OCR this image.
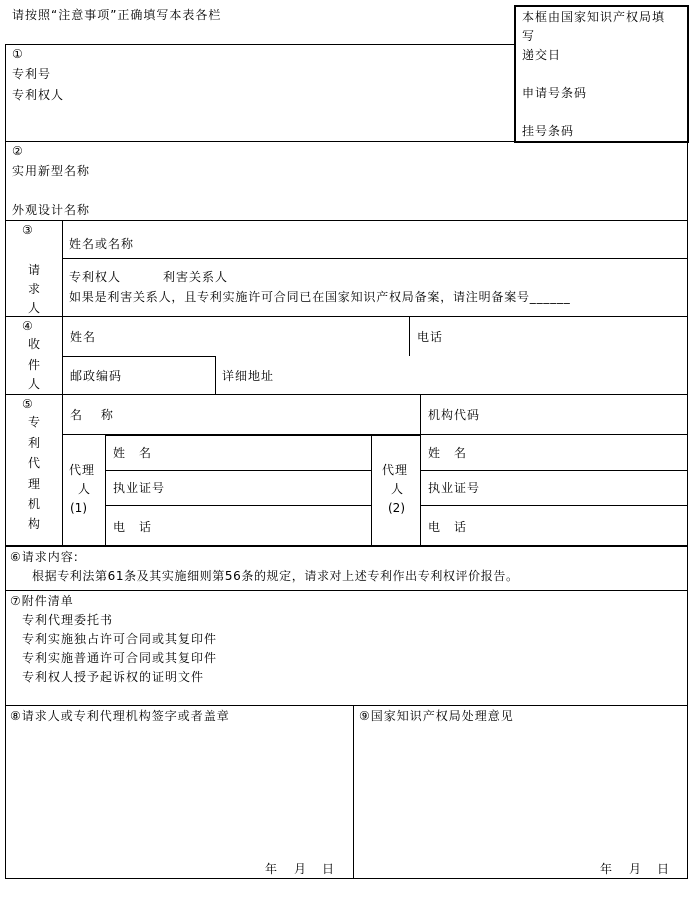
请按照“注意事项”正确填写本表各栏	本框由国家知识产权局填
写
递交日
申请号条码
挂号条码
①
专利号
专利权人
②
实用新型名称
外观设计名称
③
请
求
人
姓名或名称
专利权人	利害关系人
如果是利害关系人，且专利实施许可合同已在国家知识产权局备案，请注明备案号______
④
收
件
人
姓名	电话
邮政编码	详细地址
⑤
专
利
代
理
机
构
名　 称	机构代码
代理
人
(1)
姓　名
执业证号
电　话
代理
人
(2)
姓　名
执业证号
电　话
⑥请求内容:
根据专利法第61条及其实施细则第56条的规定，请求对上述专利作出专利权评价报告。
⑦附件清单
专利代理委托书
专利实施独占许可合同或其复印件
专利实施普通许可合同或其复印件
专利权人授予起诉权的证明文件
⑧请求人或专利代理机构签字或者盖章
年 月 日
⑨国家知识产权局处理意见
年 月 日
